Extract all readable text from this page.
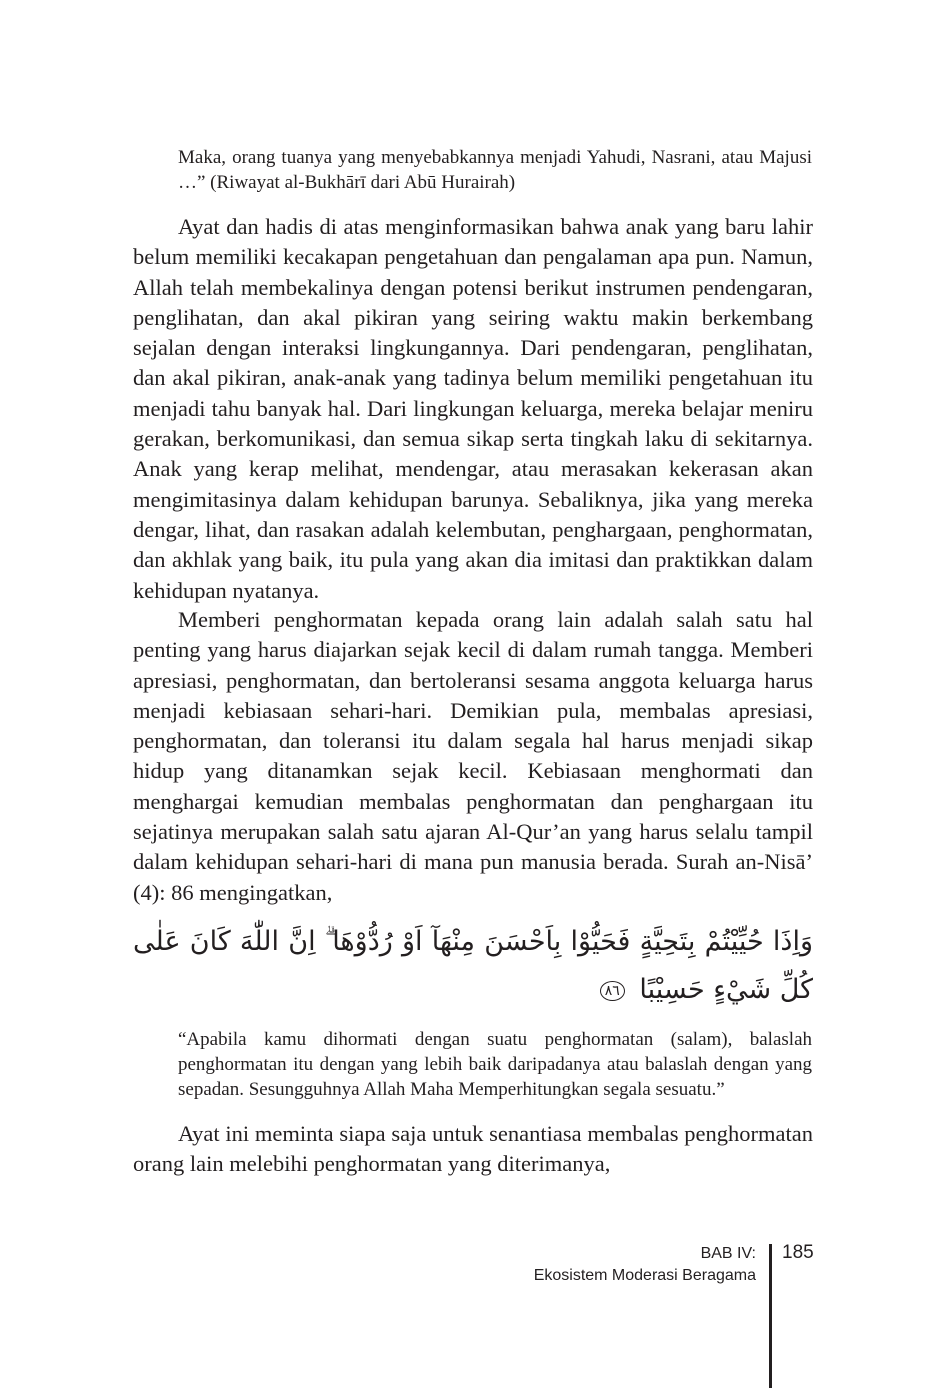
Maka, orang tuanya yang menyebabkannya menjadi Yahudi, Nasrani, atau Majusi …” (Riwayat al-Bukhārī dari Abū Hurairah)

Ayat dan hadis di atas menginformasikan bahwa anak yang baru lahir belum memiliki kecakapan pengetahuan dan pengalaman apa pun. Namun, Allah telah membekalinya dengan potensi berikut instrumen pendengaran, penglihatan, dan akal pikiran yang seiring waktu makin berkembang sejalan dengan interaksi lingkungannya. Dari pendengaran, penglihatan, dan akal pikiran, anak-anak yang tadinya belum memiliki pengetahuan itu menjadi tahu banyak hal. Dari lingkungan keluarga, mereka belajar meniru gerakan, berkomunikasi, dan semua sikap serta tingkah laku di sekitarnya. Anak yang kerap melihat, mendengar, atau merasakan kekerasan akan mengimitasinya dalam kehidupan barunya. Sebaliknya, jika yang mereka dengar, lihat, dan rasakan adalah kelembutan, penghargaan, penghormatan, dan akhlak yang baik, itu pula yang akan dia imitasi dan praktikkan dalam kehidupan nyatanya.

Memberi penghormatan kepada orang lain adalah salah satu hal penting yang harus diajarkan sejak kecil di dalam rumah tangga. Memberi apresiasi, penghormatan, dan bertoleransi sesama anggota keluarga harus menjadi kebiasaan sehari-hari. Demikian pula, membalas apresiasi, penghormatan, dan toleransi itu dalam segala hal harus menjadi sikap hidup yang ditanamkan sejak kecil. Kebiasaan menghormati dan menghargai kemudian membalas penghormatan dan penghargaan itu sejatinya merupakan salah satu ajaran Al-Qur’an yang harus selalu tampil dalam kehidupan sehari-hari di mana pun manusia berada. Surah an-Nisā’ (4): 86 mengingatkan,

وَاِذَا حُيِّيْتُمْ بِتَحِيَّةٍ فَحَيُّوْا بِاَحْسَنَ مِنْهَآ اَوْ رُدُّوْهَا ۗ اِنَّ اللّٰهَ كَانَ عَلٰى كُلِّ شَيْءٍ حَسِيْبًا ٨٦

“Apabila kamu dihormati dengan suatu penghormatan (salam), balaslah penghormatan itu dengan yang lebih baik daripadanya atau balaslah dengan yang sepadan. Sesungguhnya Allah Maha Memperhitungkan segala sesuatu.”

Ayat ini meminta siapa saja untuk senantiasa membalas penghormatan orang lain melebihi penghormatan yang diterimanya,

BAB IV:
Ekosistem Moderasi Beragama
185
